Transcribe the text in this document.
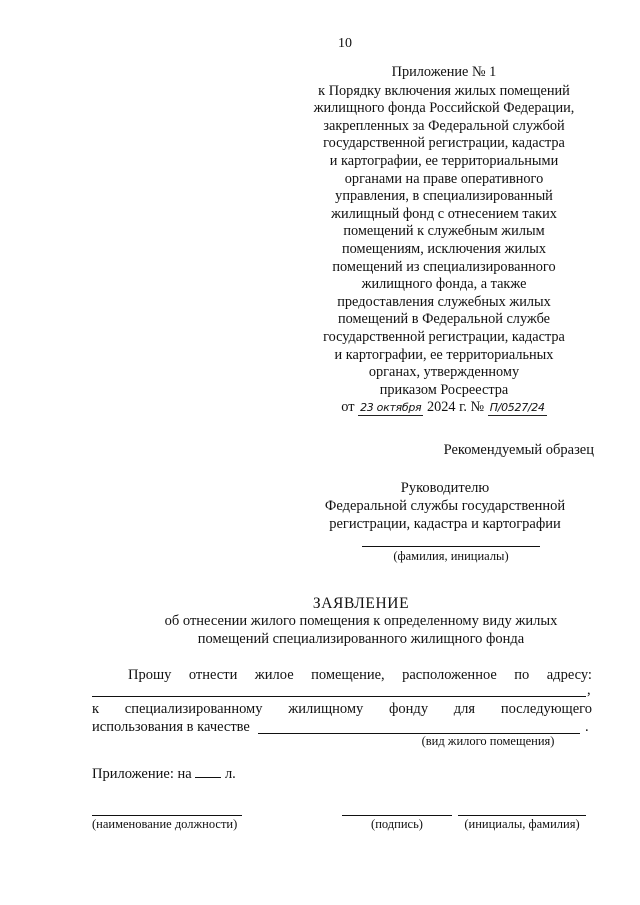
10
Приложение № 1
к Порядку включения жилых помещений
жилищного фонда Российской Федерации,
закрепленных за Федеральной службой
государственной регистрации, кадастра
и картографии, ее территориальными
органами на праве оперативного
управления, в специализированный
жилищный фонд с отнесением таких
помещений к служебным жилым
помещениям, исключения жилых
помещений из специализированного
жилищного фонда, а также
предоставления служебных жилых
помещений в Федеральной службе
государственной регистрации, кадастра
и картографии, ее территориальных
органах, утвержденному
приказом Росреестра
от 23 октября 2024 г. № П/0527/24
Рекомендуемый образец
Руководителю
Федеральной службы государственной
регистрации, кадастра и картографии
(фамилия, инициалы)
ЗАЯВЛЕНИЕ
об отнесении жилого помещения к определенному виду жилых
помещений специализированного жилищного фонда
Прошу отнести жилое помещение, расположенное по адресу:
,
к специализированному жилищному фонду для последующего
использования в качестве	.
(вид жилого помещения)
Приложение: на л.
(наименование должности)	(подпись)	(инициалы, фамилия)
